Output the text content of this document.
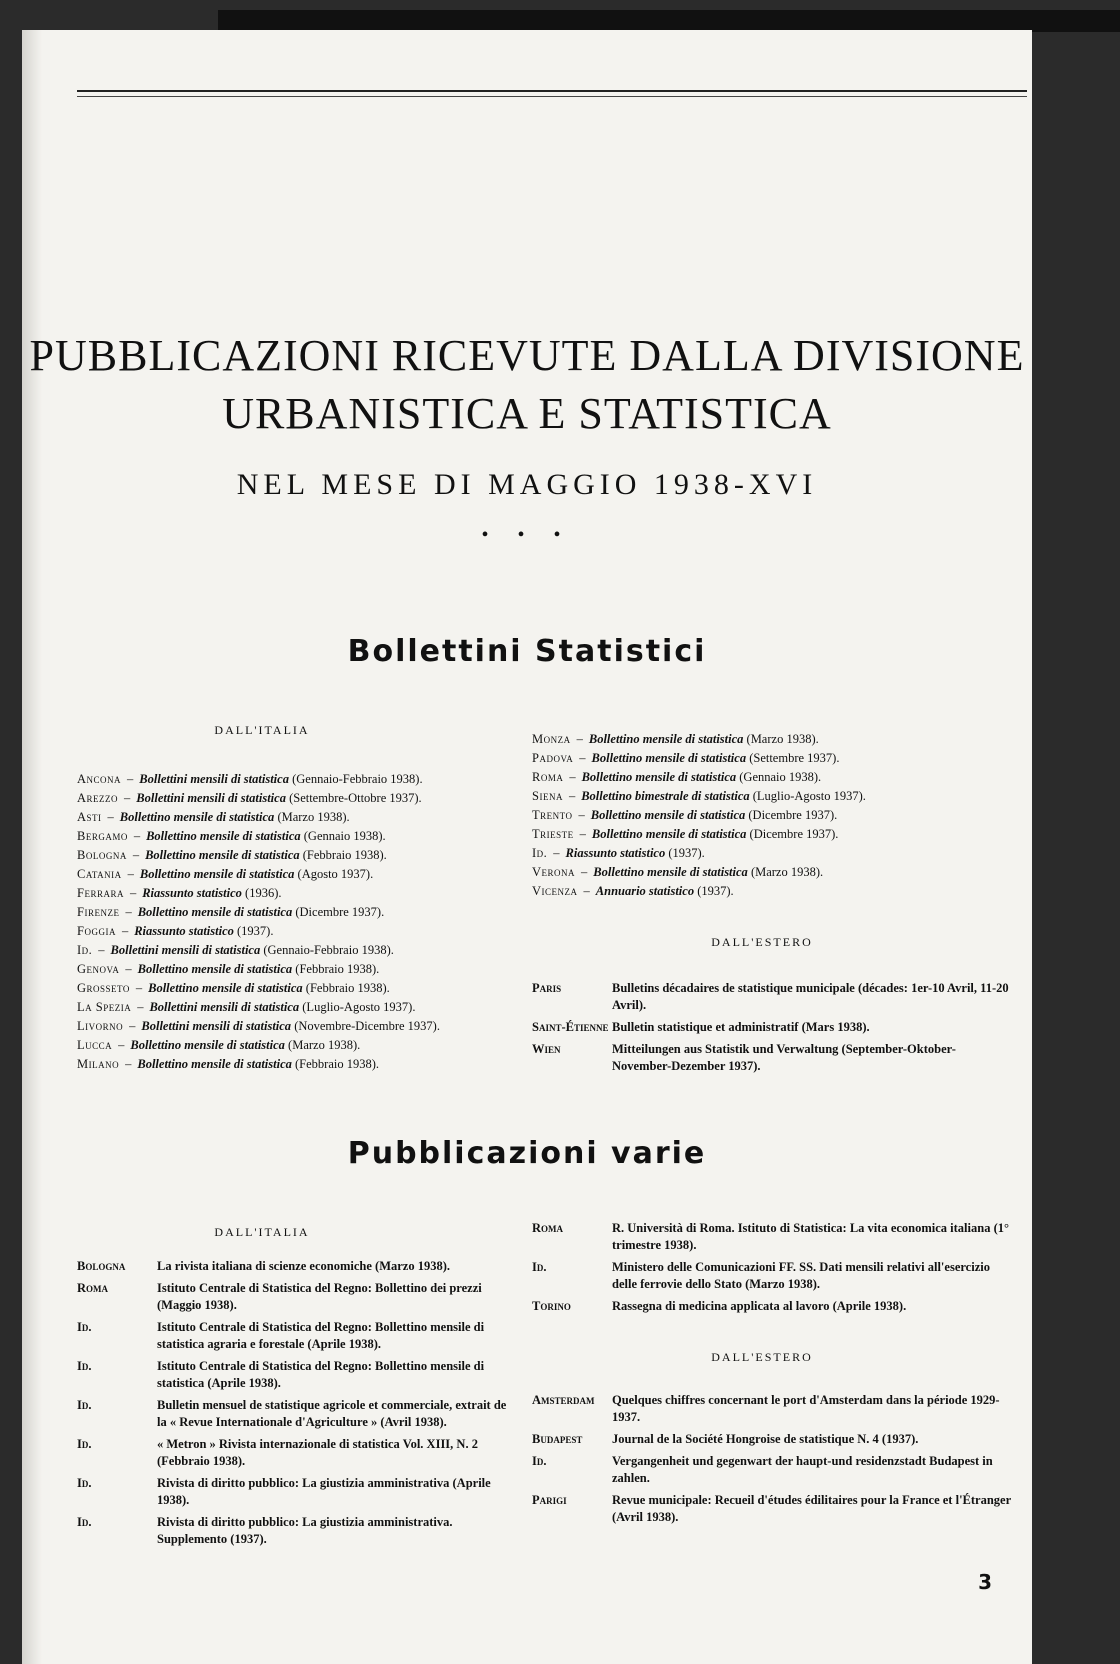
PUBBLICAZIONI RICEVUTE DALLA DIVISIONE
URBANISTICA E STATISTICA
NEL MESE DI MAGGIO 1938-XVI
• • •
Bollettini Statistici
DALL'ITALIA
Ancona – Bollettini mensili di statistica (Gennaio-Febbraio 1938).
Arezzo – Bollettini mensili di statistica (Settembre-Ottobre 1937).
Asti – Bollettino mensile di statistica (Marzo 1938).
Bergamo – Bollettino mensile di statistica (Gennaio 1938).
Bologna – Bollettino mensile di statistica (Febbraio 1938).
Catania – Bollettino mensile di statistica (Agosto 1937).
Ferrara – Riassunto statistico (1936).
Firenze – Bollettino mensile di statistica (Dicembre 1937).
Foggia – Riassunto statistico (1937).
Id. – Bollettini mensili di statistica (Gennaio-Febbraio 1938).
Genova – Bollettino mensile di statistica (Febbraio 1938).
Grosseto – Bollettino mensile di statistica (Febbraio 1938).
La Spezia – Bollettini mensili di statistica (Luglio-Agosto 1937).
Livorno – Bollettini mensili di statistica (Novembre-Dicembre 1937).
Lucca – Bollettino mensile di statistica (Marzo 1938).
Milano – Bollettino mensile di statistica (Febbraio 1938).
Monza – Bollettino mensile di statistica (Marzo 1938).
Padova – Bollettino mensile di statistica (Settembre 1937).
Roma – Bollettino mensile di statistica (Gennaio 1938).
Siena – Bollettino bimestrale di statistica (Luglio-Agosto 1937).
Trento – Bollettino mensile di statistica (Dicembre 1937).
Trieste – Bollettino mensile di statistica (Dicembre 1937).
Id. – Riassunto statistico (1937).
Verona – Bollettino mensile di statistica (Marzo 1938).
Vicenza – Annuario statistico (1937).
DALL'ESTERO
Paris	Bulletins décadaires de statistique municipale (décades: 1er-10 Avril, 11-20 Avril).
Saint-Étienne Bulletin statistique et administratif (Mars 1938).
Wien	Mitteilungen aus Statistik und Verwaltung (September-Oktober-November-Dezember 1937).
Pubblicazioni varie
DALL'ITALIA
Bologna	La rivista italiana di scienze economiche (Marzo 1938).
Roma	Istituto Centrale di Statistica del Regno: Bollettino dei prezzi (Maggio 1938).
Id.	Istituto Centrale di Statistica del Regno: Bollettino mensile di statistica agraria e forestale (Aprile 1938).
Id.	Istituto Centrale di Statistica del Regno: Bollettino mensile di statistica (Aprile 1938).
Id.	Bulletin mensuel de statistique agricole et commerciale, extrait de la « Revue Internationale d'Agriculture » (Avril 1938).
Id.	« Metron » Rivista internazionale di statistica Vol. XIII, N. 2 (Febbraio 1938).
Id.	Rivista di diritto pubblico: La giustizia amministrativa (Aprile 1938).
Id.	Rivista di diritto pubblico: La giustizia amministrativa. Supplemento (1937).
Roma	R. Università di Roma. Istituto di Statistica: La vita economica italiana (1° trimestre 1938).
Id.	Ministero delle Comunicazioni FF. SS. Dati mensili relativi all'esercizio delle ferrovie dello Stato (Marzo 1938).
Torino	Rassegna di medicina applicata al lavoro (Aprile 1938).
DALL'ESTERO
Amsterdam	Quelques chiffres concernant le port d'Amsterdam dans la période 1929-1937.
Budapest	Journal de la Société Hongroise de statistique N. 4 (1937).
Id.	Vergangenheit und gegenwart der haupt-und residenzstadt Budapest in zahlen.
Parigi	Revue municipale: Recueil d'études édilitaires pour la France et l'Étranger (Avril 1938).
3
